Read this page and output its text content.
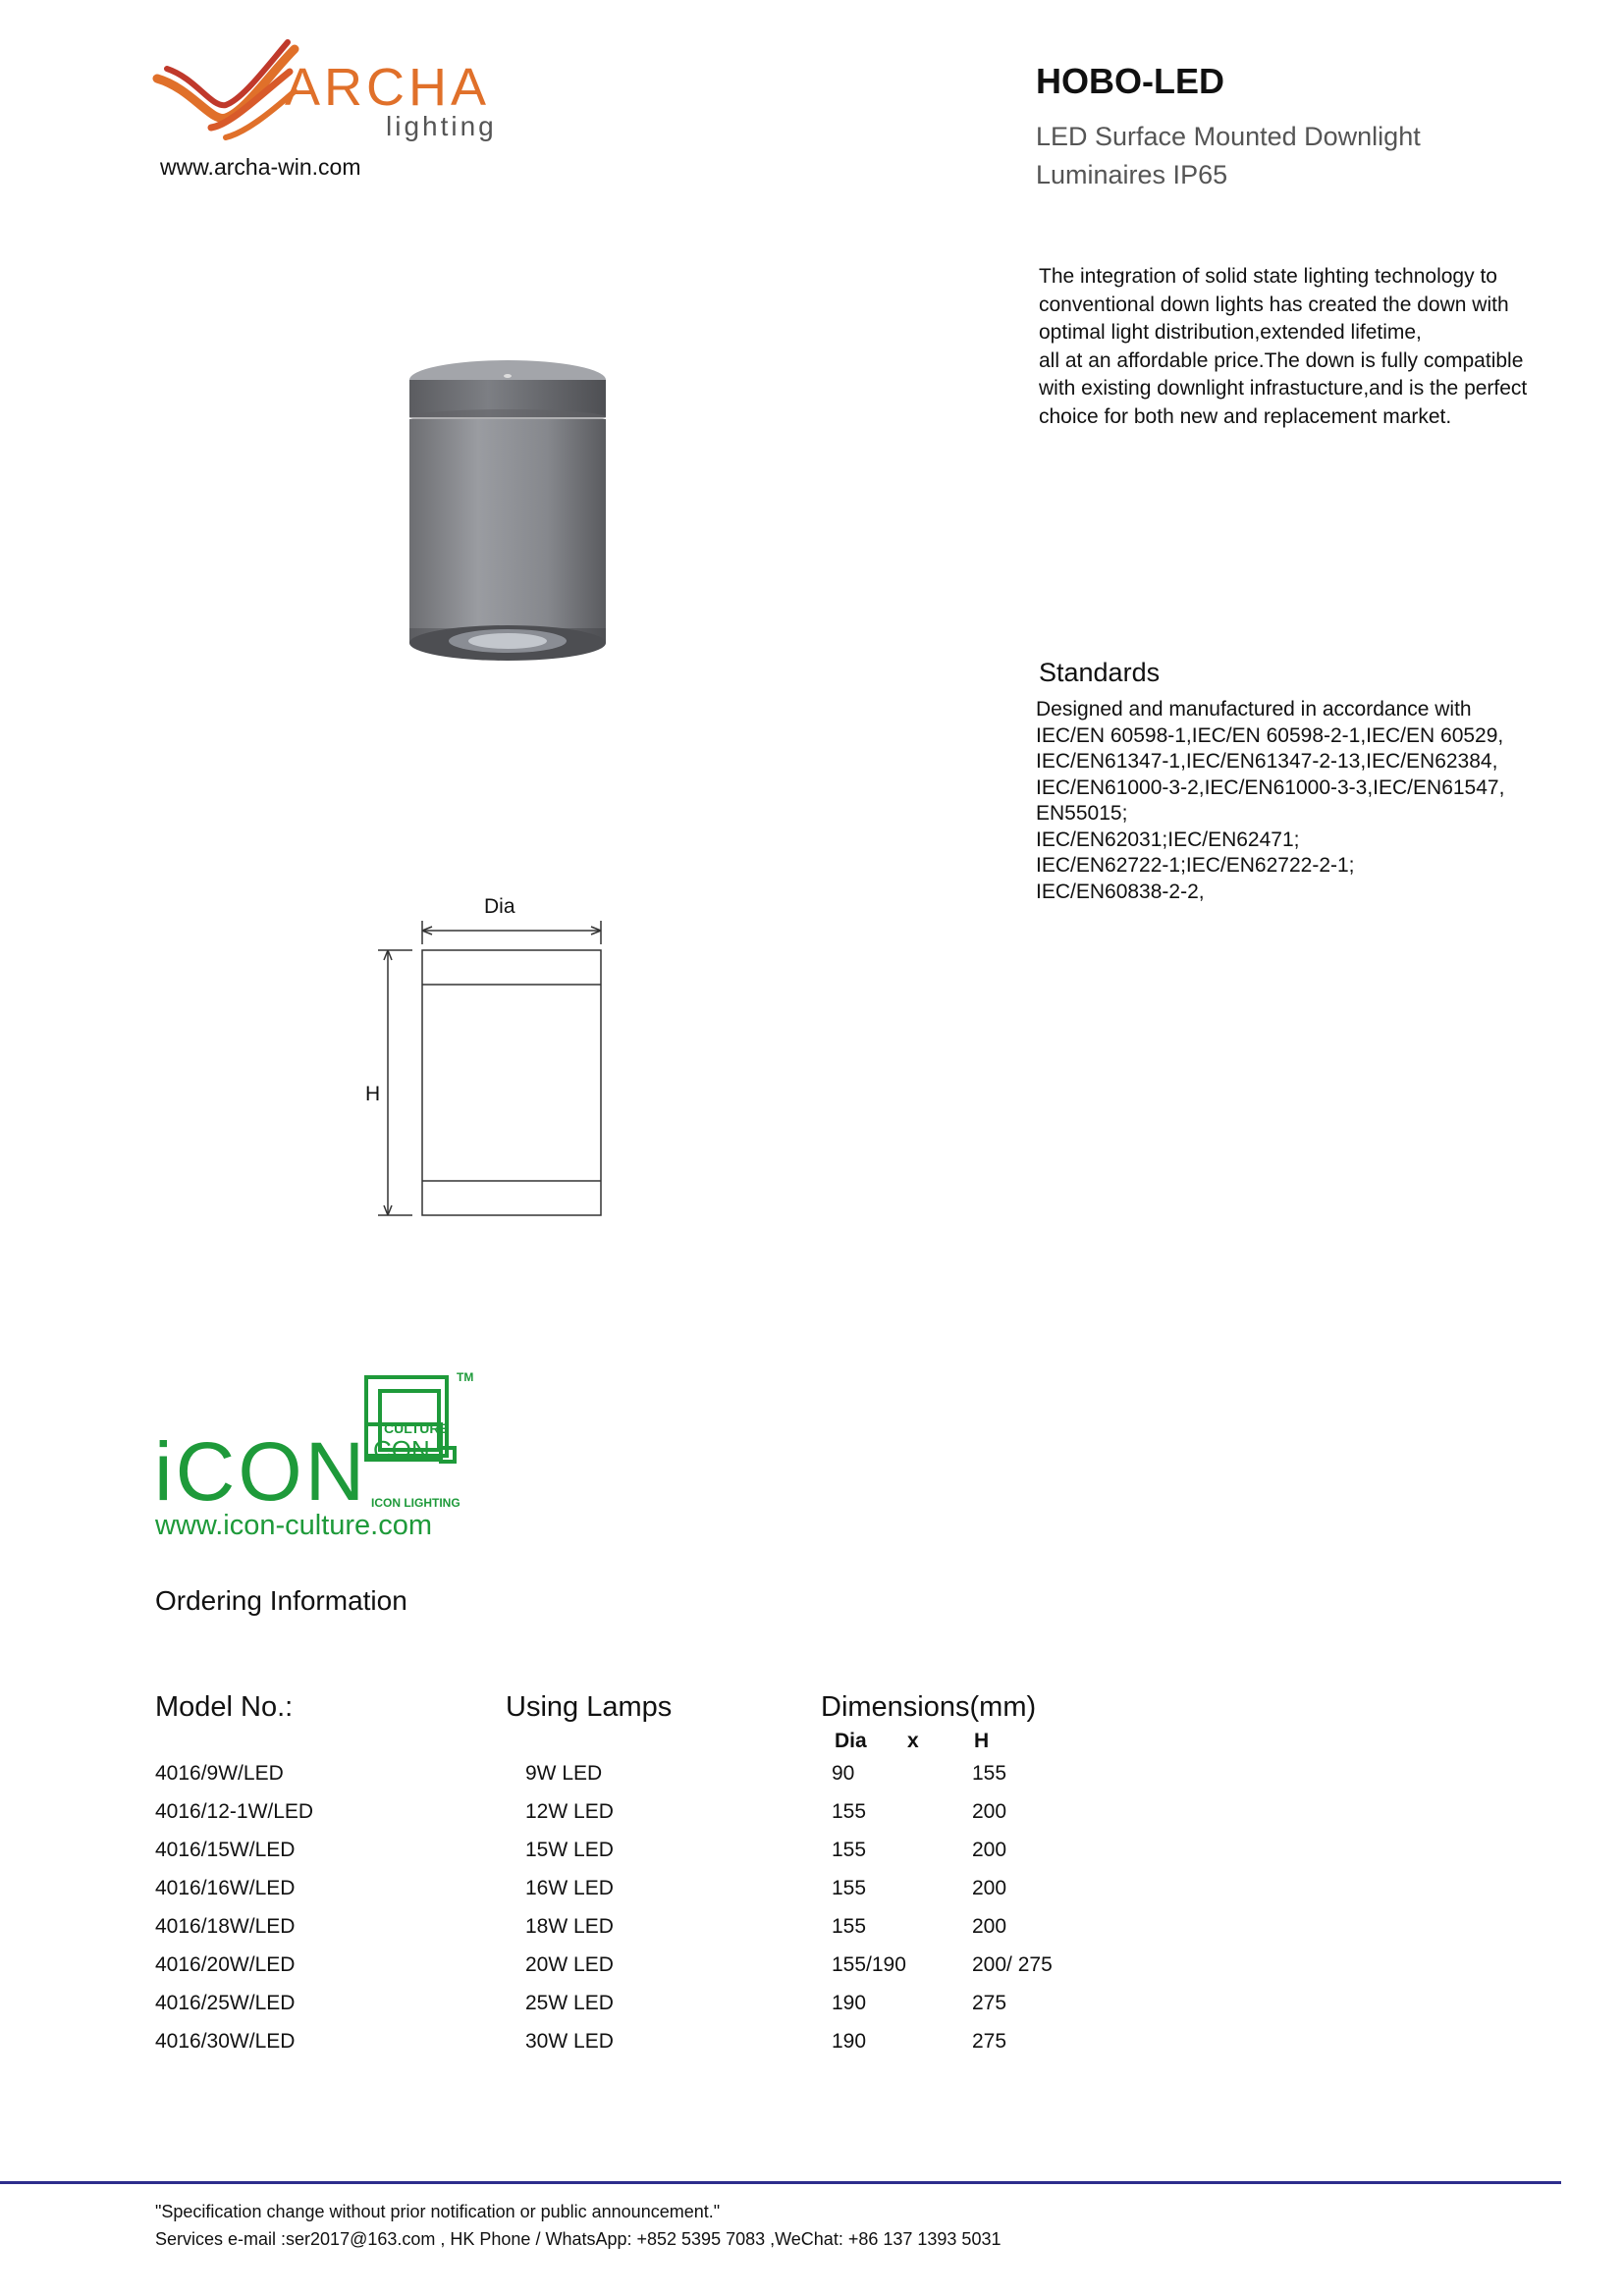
ARCHA
lighting
www.archa-win.com
HOBO-LED
LED Surface Mounted Downlight
Luminaires IP65
The integration of solid state lighting technology to
conventional down lights has created the down with
optimal light distribution,extended lifetime,
all at an affordable price.The down is fully compatible
with existing downlight infrastucture,and is the perfect
choice for both new and replacement market.
Dia
H
iCON CULTURE
CON
ICON LIGHTING
TM
www.icon-culture.com
Standards
Designed and manufactured in accordance with
IEC/EN 60598-1,IEC/EN 60598-2-1,IEC/EN 60529,
IEC/EN61347-1,IEC/EN61347-2-13,IEC/EN62384,
IEC/EN61000-3-2,IEC/EN61000-3-3,IEC/EN61547,
EN55015;
IEC/EN62031;IEC/EN62471;
IEC/EN62722-1;IEC/EN62722-2-1;
IEC/EN60838-2-2,
Ordering Information
Model No.:	Using Lamps	Dimensions(mm)
Dia x	H
4016/9W/LED	9W LED	90	155
4016/12-1W/LED	12W LED	155	200
4016/15W/LED	15W LED	155	200
4016/16W/LED	16W LED	155	200
4016/18W/LED	18W LED	155	200
4016/20W/LED	20W LED	155/190	200/ 275
4016/25W/LED	25W LED	190	275
4016/30W/LED	30W LED	190	275
"Specification change without prior notification or public announcement."
Services e-mail :ser2017@163.com , HK Phone / WhatsApp: +852 5395 7083 ,WeChat: +86 137 1393 5031
